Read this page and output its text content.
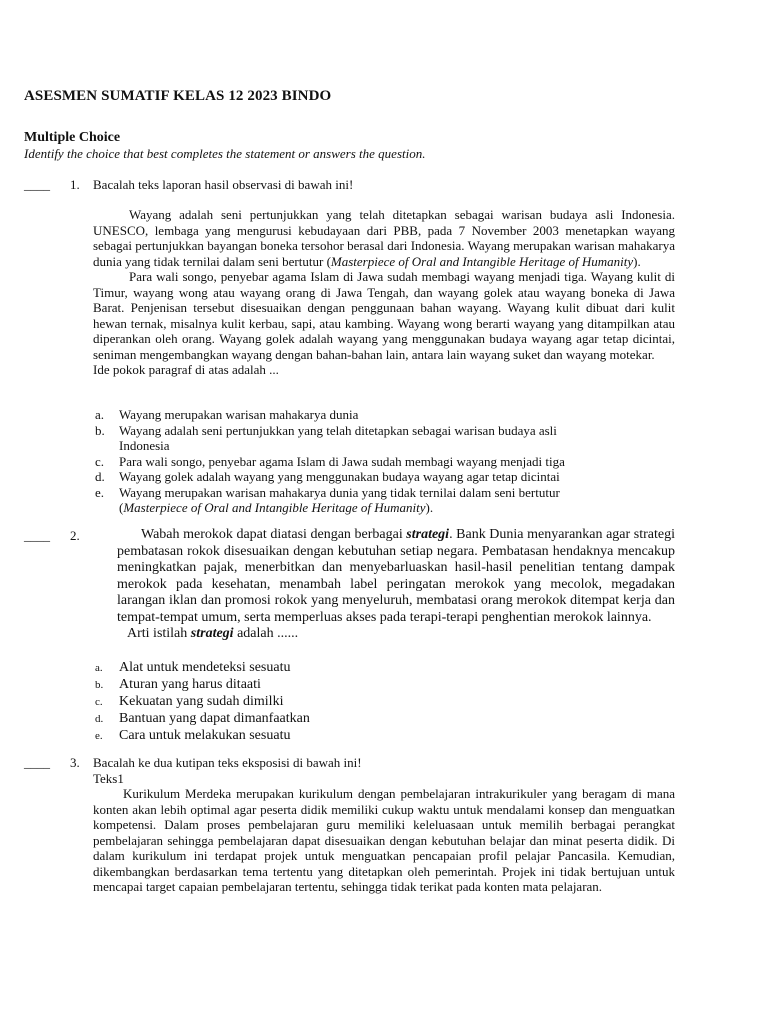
ASESMEN SUMATIF KELAS 12 2023 BINDO
Multiple Choice
Identify the choice that best completes the statement or answers the question.
____ 1. Bacalah teks laporan hasil observasi di bawah ini!

Wayang adalah seni pertunjukkan yang telah ditetapkan sebagai warisan budaya asli Indonesia. UNESCO, lembaga yang mengurusi kebudayaan dari PBB, pada 7 November 2003 menetapkan wayang sebagai pertunjukkan bayangan boneka tersohor berasal dari Indonesia. Wayang merupakan warisan mahakarya dunia yang tidak ternilai dalam seni bertutur (Masterpiece of Oral and Intangible Heritage of Humanity).

Para wali songo, penyebar agama Islam di Jawa sudah membagi wayang menjadi tiga. Wayang kulit di Timur, wayang wong atau wayang orang di Jawa Tengah, dan wayang golek atau wayang boneka di Jawa Barat. Penjenisan tersebut disesuaikan dengan penggunaan bahan wayang. Wayang kulit dibuat dari kulit hewan ternak, misalnya kulit kerbau, sapi, atau kambing. Wayang wong berarti wayang yang ditampilkan atau diperankan oleh orang. Wayang golek adalah wayang yang menggunakan budaya wayang agar tetap dicintai, seniman mengembangkan wayang dengan bahan-bahan lain, antara lain wayang suket dan wayang motekar.

Ide pokok paragraf di atas adalah ...

a. Wayang merupakan warisan mahakarya dunia
b. Wayang adalah seni pertunjukkan yang telah ditetapkan sebagai warisan budaya asli
Indonesia
c. Para wali songo, penyebar agama Islam di Jawa sudah membagi wayang menjadi tiga
d. Wayang golek adalah wayang yang menggunakan budaya wayang agar tetap dicintai
e. Wayang merupakan warisan mahakarya dunia yang tidak ternilai dalam seni bertutur
(Masterpiece of Oral and Intangible Heritage of Humanity).
____ 2.	Wabah merokok dapat diatasi dengan berbagai strategi. Bank Dunia menyarankan agar strategi pembatasan rokok disesuaikan dengan kebutuhan setiap negara. Pembatasan hendaknya mencakup meningkatkan pajak, menerbitkan dan menyebarluaskan hasil-hasil penelitian tentang dampak merokok pada kesehatan, menambah label peringatan merokok yang mecolok, megadakan larangan iklan dan promosi rokok yang menyeluruh, membatasi orang merokok ditempat kerja dan tempat-tempat umum, serta memperluas akses pada terapi-terapi penghentian merokok lainnya.

Arti istilah strategi adalah ......

a. Alat untuk mendeteksi sesuatu
b. Aturan yang harus ditaati
c. Kekuatan yang sudah dimilki
d. Bantuan yang dapat dimanfaatkan
e. Cara untuk melakukan sesuatu
____ 3. Bacalah ke dua kutipan teks eksposisi di bawah ini!

Teks1

Kurikulum Merdeka merupakan kurikulum dengan pembelajaran intrakurikuler yang beragam di mana konten akan lebih optimal agar peserta didik memiliki cukup waktu untuk mendalami konsep dan menguatkan kompetensi. Dalam proses pembelajaran guru memiliki keleluasaan untuk memilih berbagai perangkat pembelajaran sehingga pembelajaran dapat disesuaikan dengan kebutuhan belajar dan minat peserta didik. Di dalam kurikulum ini terdapat projek untuk menguatkan pencapaian profil pelajar Pancasila. Kemudian, dikembangkan berdasarkan tema tertentu yang ditetapkan oleh pemerintah. Projek ini tidak bertujuan untuk mencapai target capaian pembelajaran tertentu, sehingga tidak terikat pada konten mata pelajaran.
